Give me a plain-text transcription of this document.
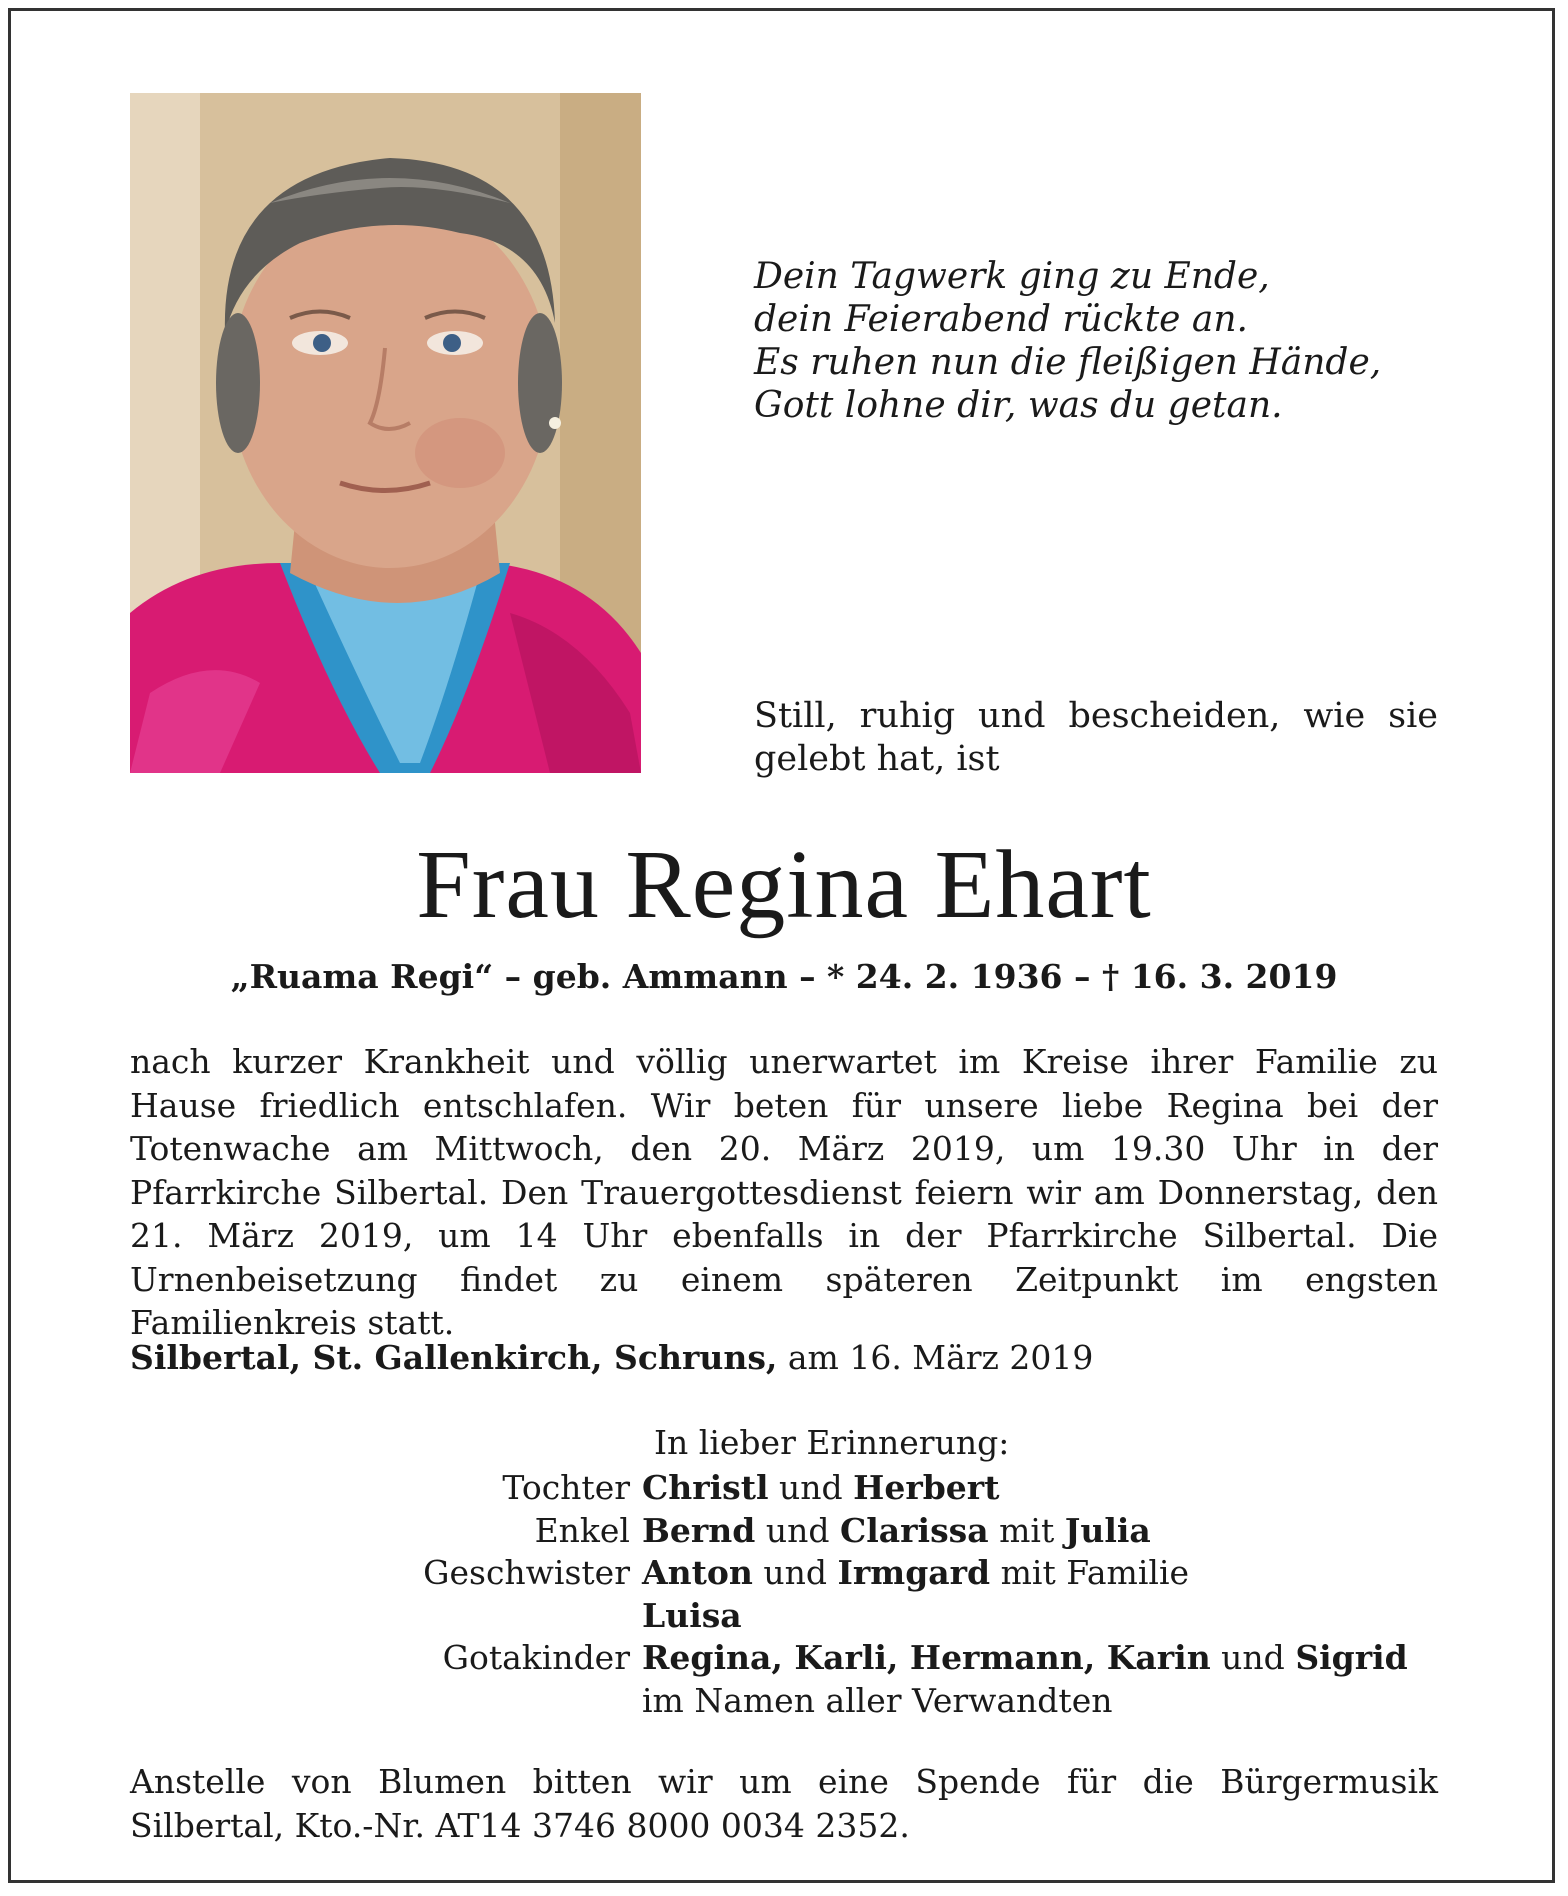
Dein Tagwerk ging zu Ende,
dein Feierabend rückte an.
Es ruhen nun die fleißigen Hände,
Gott lohne dir, was du getan.
Still, ruhig und bescheiden, wie sie gelebt hat, ist
Frau Regina Ehart
„Ruama Regi“ – geb. Ammann – * 24. 2. 1936 – † 16. 3. 2019
nach kurzer Krankheit und völlig unerwartet im Kreise ihrer Familie zu Hause friedlich entschlafen. Wir beten für unsere liebe Regina bei der Totenwache am Mittwoch, den 20. März 2019, um 19.30 Uhr in der Pfarrkirche Silbertal. Den Trauergottesdienst feiern wir am Donnerstag, den 21. März 2019, um 14 Uhr ebenfalls in der Pfarrkirche Silbertal. Die Urnenbeisetzung findet zu einem späteren Zeitpunkt im engsten Familienkreis statt.
Silbertal, St. Gallenkirch, Schruns, am 16. März 2019
In lieber Erinnerung:
Tochter Christl und Herbert
Enkel Bernd und Clarissa mit Julia
Geschwister Anton und Irmgard mit Familie
Luisa
Gotakinder Regina, Karli, Hermann, Karin und Sigrid
im Namen aller Verwandten
Anstelle von Blumen bitten wir um eine Spende für die Bürgermusik Silbertal, Kto.-Nr. AT14 3746 8000 0034 2352.
